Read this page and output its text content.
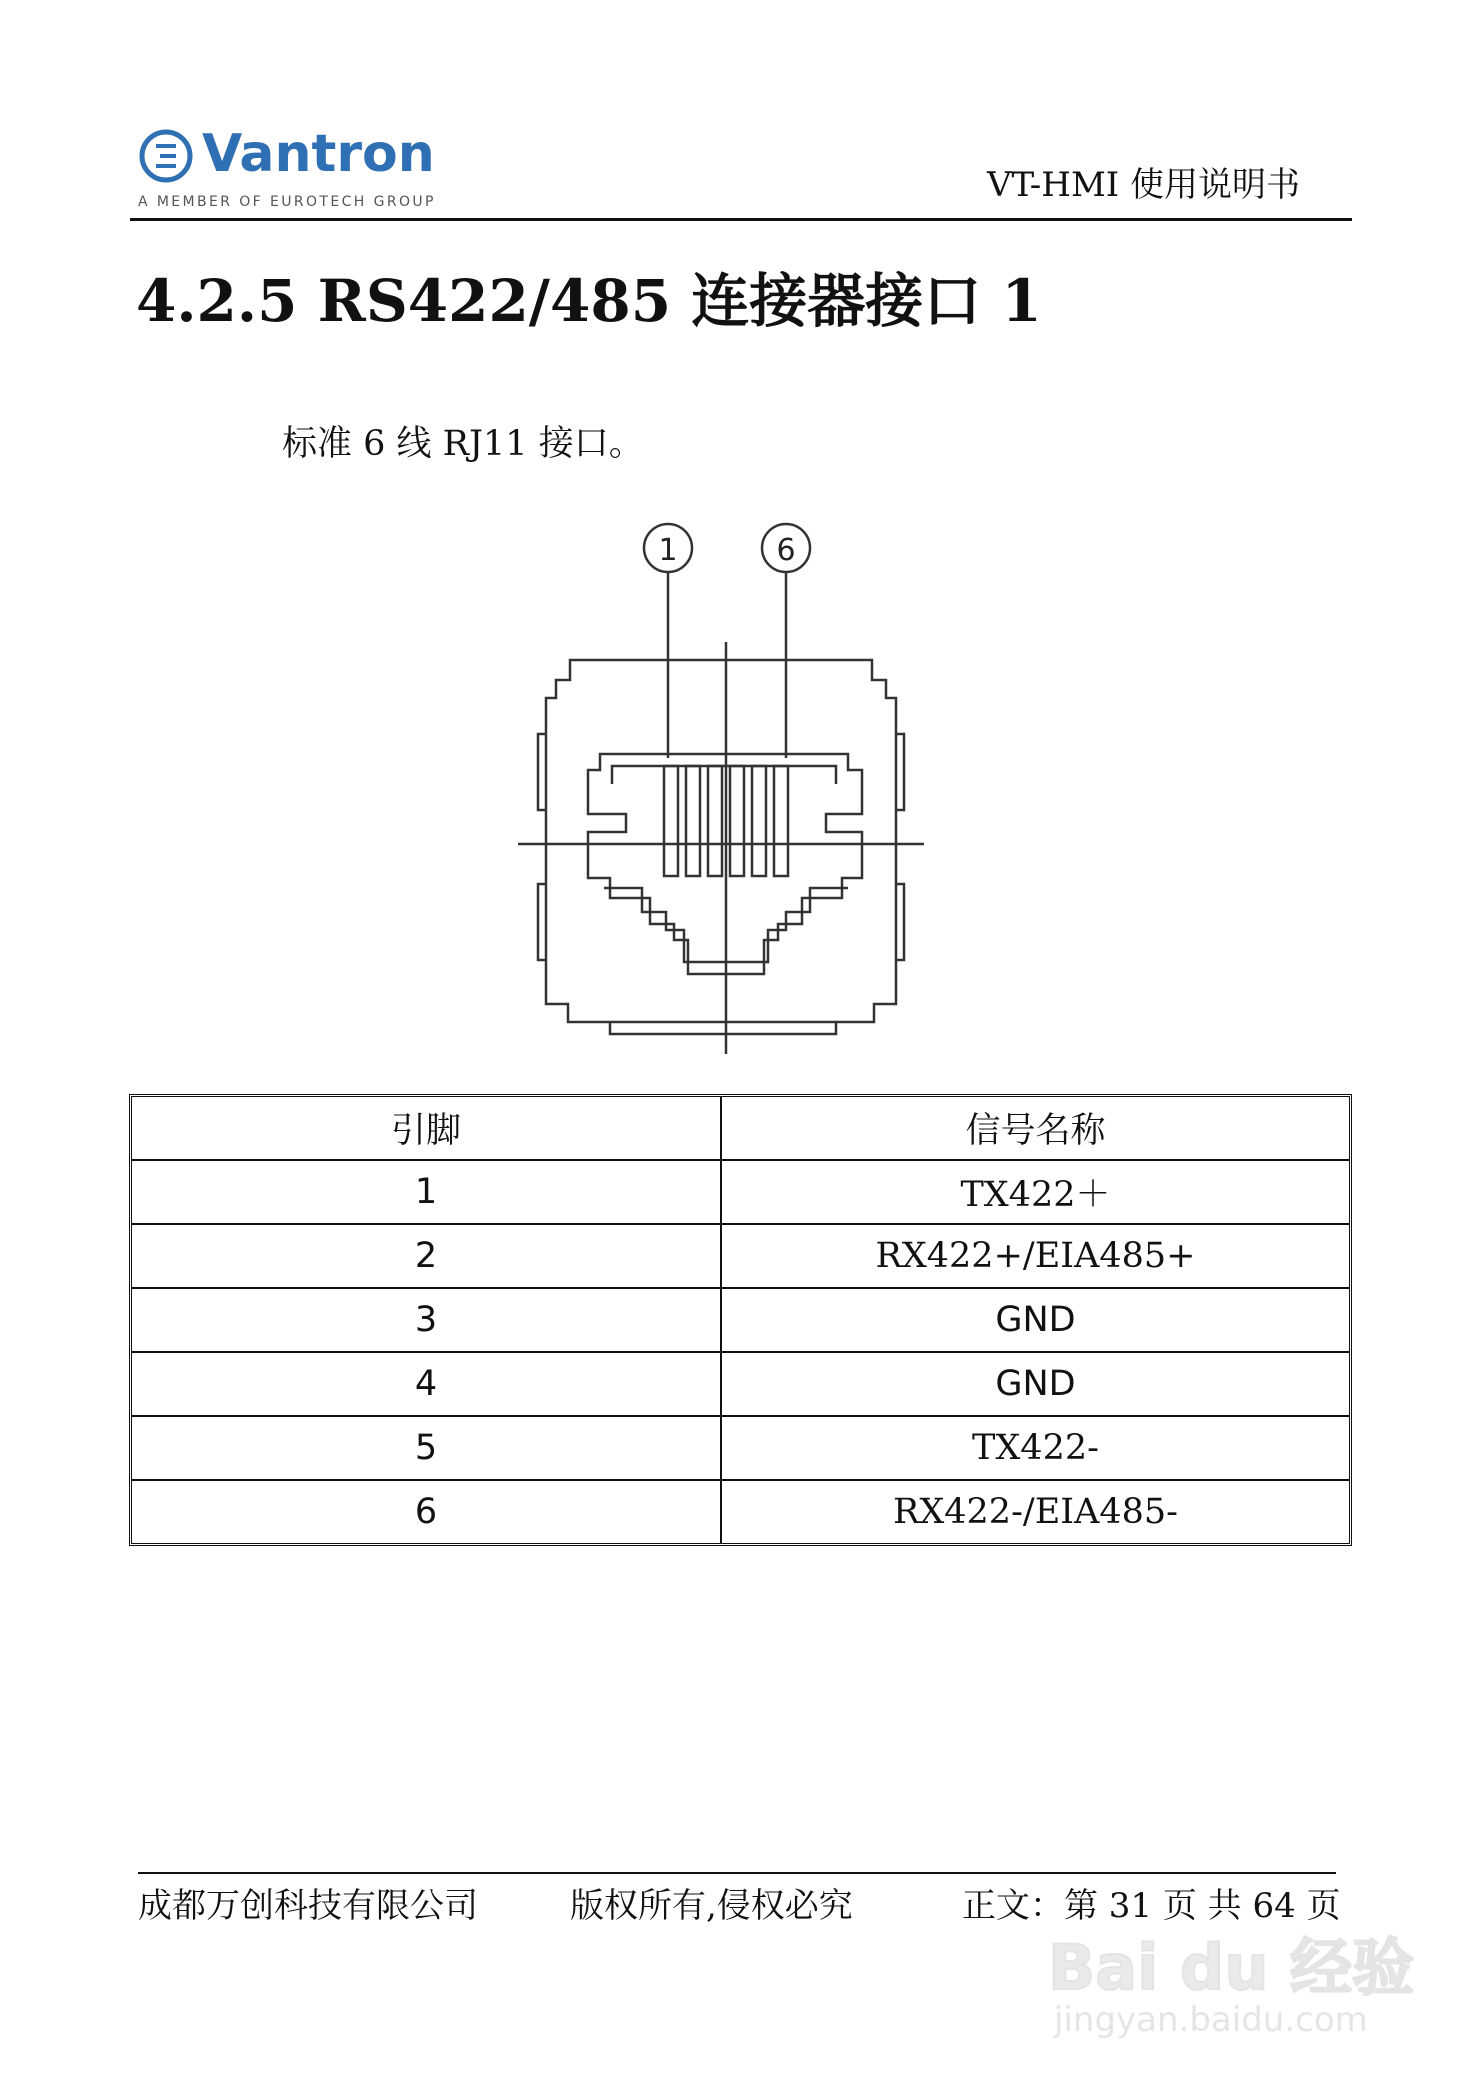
Vantron
A MEMBER OF EUROTECH GROUP	VT-HMI 使用说明书
4.2.5 RS422/485 连接器接口 1
标准 6 线 RJ11 接口。
1	6
引脚	信号名称
1	TX422＋
2	RX422+/EIA485+
3	GND
4	GND
5	TX422-
6	RX422-/EIA485-
成都万创科技有限公司	版权所有,侵权必究	正文：第 31 页 共 64 页
Bai du 经验
jingyan.baidu.com
